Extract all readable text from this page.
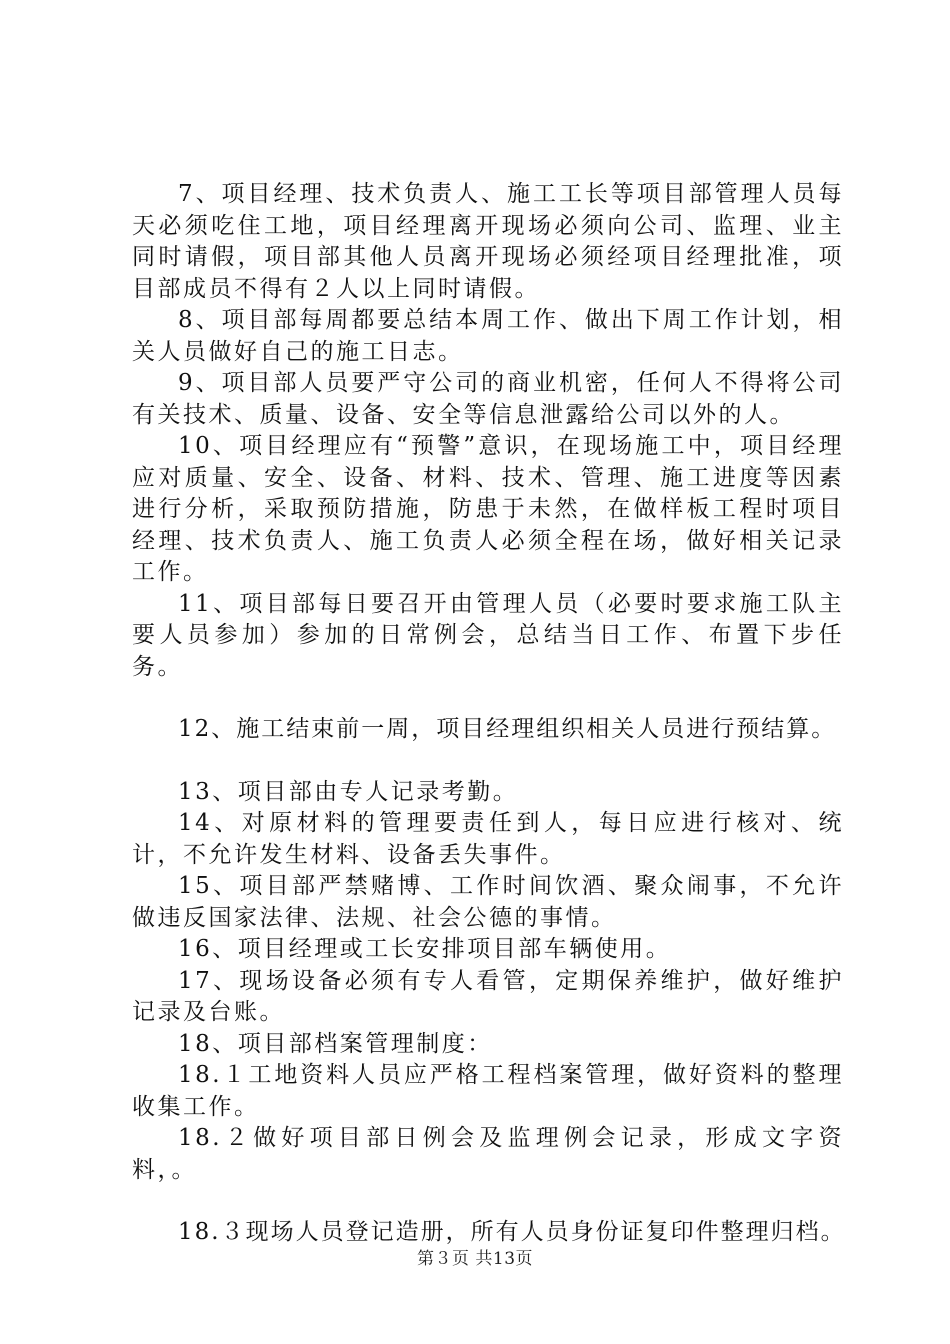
7、项目经理、技术负责人、施工工长等项目部管理人员每天必须吃住工地，项目经理离开现场必须向公司、监理、业主同时请假，项目部其他人员离开现场必须经项目经理批准，项目部成员不得有２人以上同时请假。

8、项目部每周都要总结本周工作、做出下周工作计划，相关人员做好自己的施工日志。

9、项目部人员要严守公司的商业机密，任何人不得将公司有关技术、质量、设备、安全等信息泄露给公司以外的人。

10、项目经理应有“预警”意识，在现场施工中，项目经理应对质量、安全、设备、材料、技术、管理、施工进度等因素进行分析，采取预防措施，防患于未然，在做样板工程时项目经理、技术负责人、施工负责人必须全程在场，做好相关记录工作。

11、项目部每日要召开由管理人员（必要时要求施工队主要人员参加）参加的日常例会，总结当日工作、布置下步任务。

12、施工结束前一周，项目经理组织相关人员进行预结算。

13、项目部由专人记录考勤。

14、对原材料的管理要责任到人，每日应进行核对、统计，不允许发生材料、设备丢失事件。

15、项目部严禁赌博、工作时间饮酒、聚众闹事，不允许做违反国家法律、法规、社会公德的事情。

16、项目经理或工长安排项目部车辆使用。

17、现场设备必须有专人看管，定期保养维护，做好维护记录及台账。

18、项目部档案管理制度：

18.１工地资料人员应严格工程档案管理，做好资料的整理收集工作。

18.２做好项目部日例会及监理例会记录，形成文字资料，。

18.３现场人员登记造册，所有人员身份证复印件整理归档。

第３页 共13页
